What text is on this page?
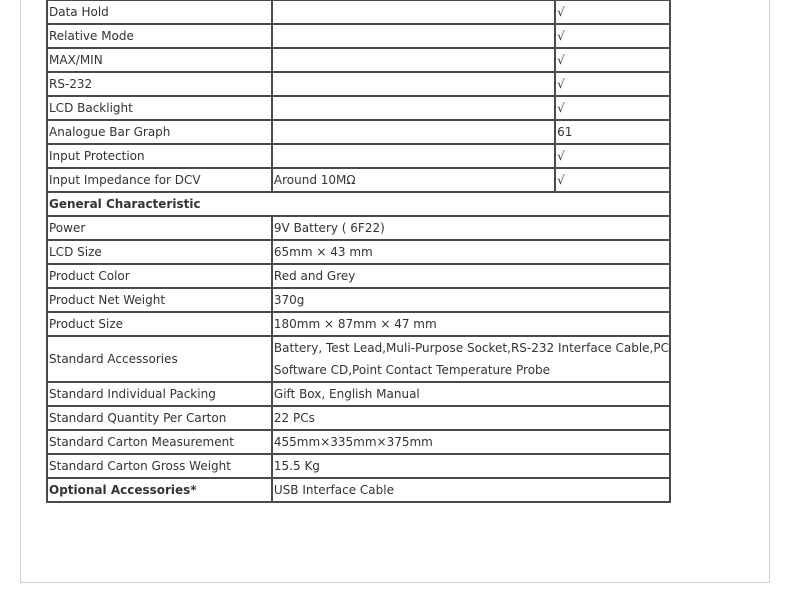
Data Hold		√
Relative Mode		√
MAX/MIN		√
RS-232		√
LCD Backlight		√
Analogue Bar Graph		61
Input Protection		√
Input Impedance for DCV	Around 10MΩ	√
General Characteristic		
Power	9V Battery ( 6F22)	
LCD Size	65mm × 43 mm	
Product Color	Red and Grey	
Product Net Weight	370g	
Product Size	180mm × 87mm × 47 mm	
Standard Accessories	Battery, Test Lead,Muli-Purpose Socket,RS-232 Interface Cable,PC
Software CD,Point Contact Temperature Probe	

Standard Individual Packing	Gift Box, English Manual	
Standard Quantity Per Carton	22 PCs	
Standard Carton Measurement	455mm×335mm×375mm	
Standard Carton Gross Weight	15.5 Kg	
Optional Accessories*	USB Interface Cable	
